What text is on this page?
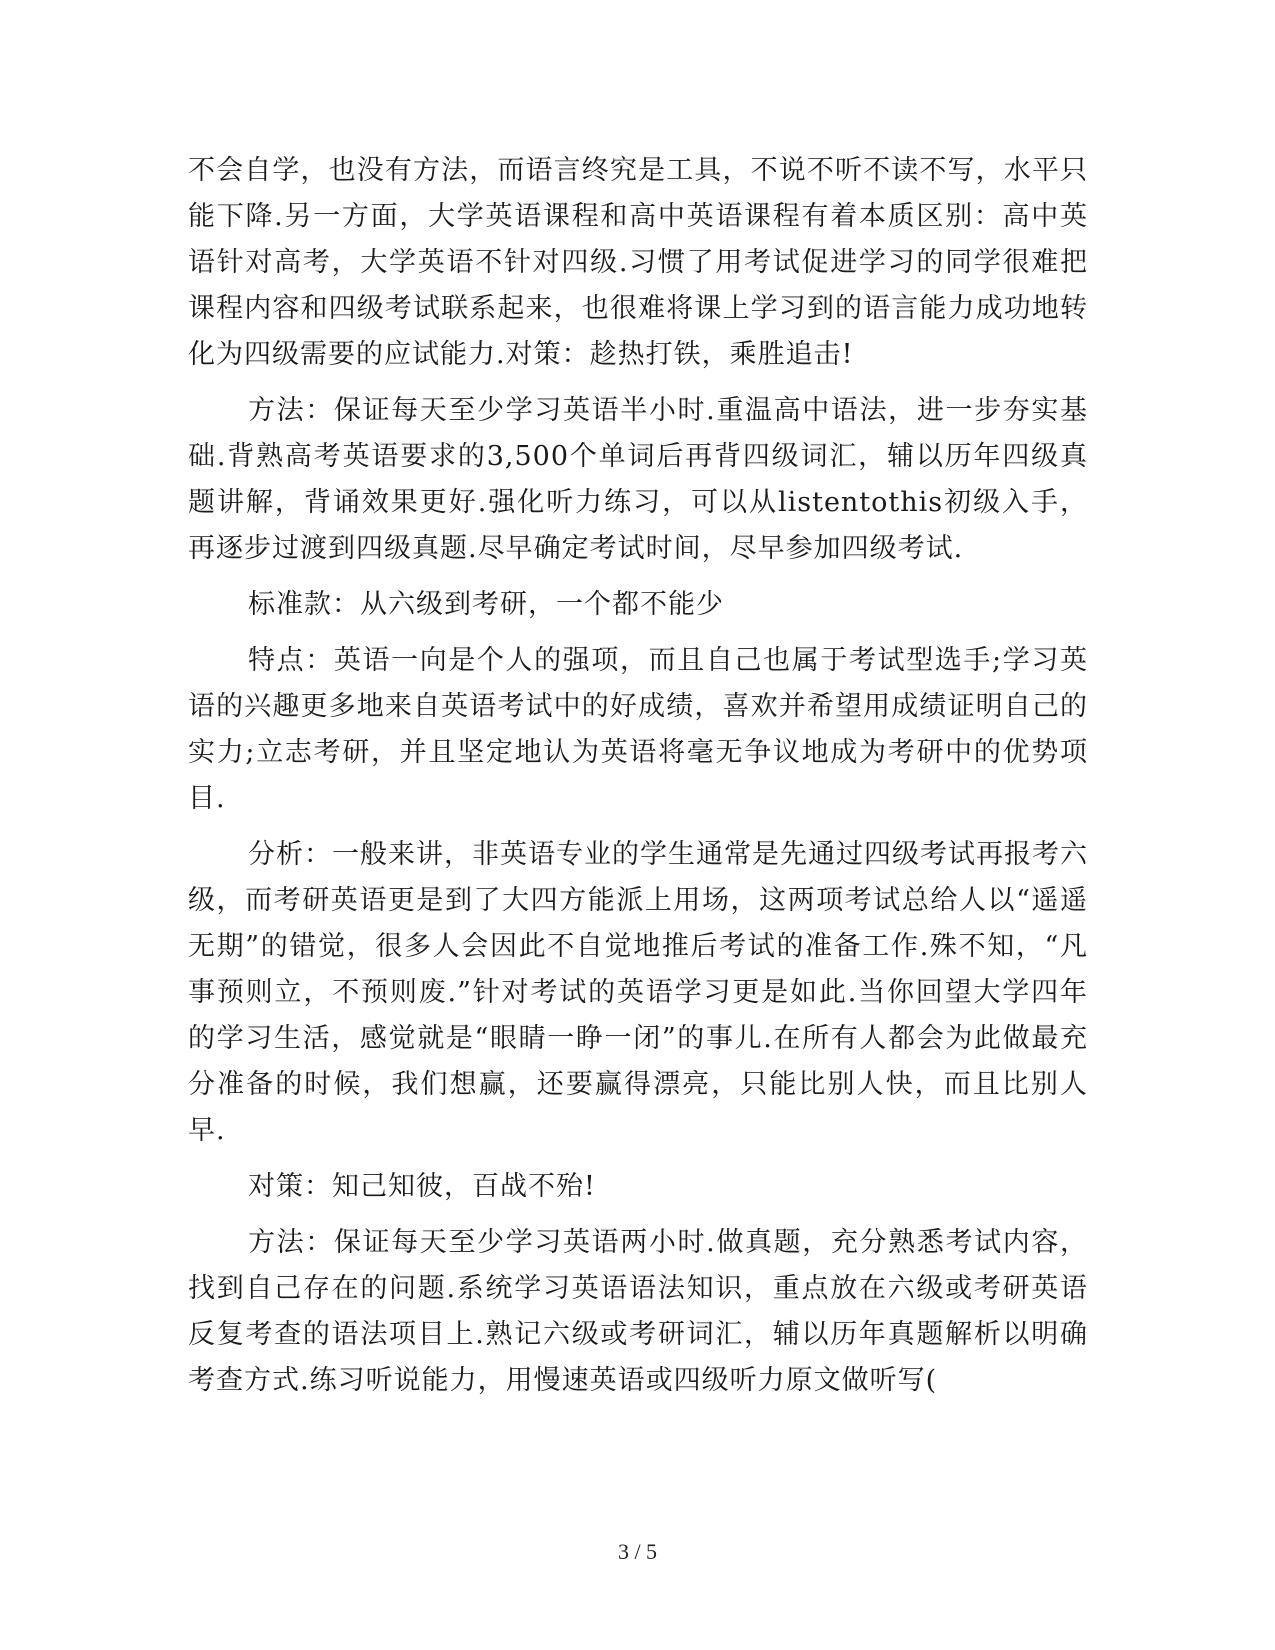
不会自学，也没有方法，而语言终究是工具，不说不听不读不写，水平只能下降.另一方面，大学英语课程和高中英语课程有着本质区别：高中英语针对高考，大学英语不针对四级.习惯了用考试促进学习的同学很难把课程内容和四级考试联系起来，也很难将课上学习到的语言能力成功地转化为四级需要的应试能力.对策：趁热打铁，乘胜追击!

方法：保证每天至少学习英语半小时.重温高中语法，进一步夯实基础.背熟高考英语要求的3,500个单词后再背四级词汇，辅以历年四级真题讲解，背诵效果更好.强化听力练习，可以从listentothis初级入手，再逐步过渡到四级真题.尽早确定考试时间，尽早参加四级考试.

标准款：从六级到考研，一个都不能少

特点：英语一向是个人的强项，而且自己也属于考试型选手;学习英语的兴趣更多地来自英语考试中的好成绩，喜欢并希望用成绩证明自己的实力;立志考研，并且坚定地认为英语将毫无争议地成为考研中的优势项目.

分析：一般来讲，非英语专业的学生通常是先通过四级考试再报考六级，而考研英语更是到了大四方能派上用场，这两项考试总给人以“遥遥无期”的错觉，很多人会因此不自觉地推后考试的准备工作.殊不知，“凡事预则立，不预则废.”针对考试的英语学习更是如此.当你回望大学四年的学习生活，感觉就是“眼睛一睁一闭”的事儿.在所有人都会为此做最充分准备的时候，我们想赢，还要赢得漂亮，只能比别人快，而且比别人早.

对策：知己知彼，百战不殆!

方法：保证每天至少学习英语两小时.做真题，充分熟悉考试内容，找到自己存在的问题.系统学习英语语法知识，重点放在六级或考研英语反复考查的语法项目上.熟记六级或考研词汇，辅以历年真题解析以明确考查方式.练习听说能力，用慢速英语或四级听力原文做听写(

3 / 5
